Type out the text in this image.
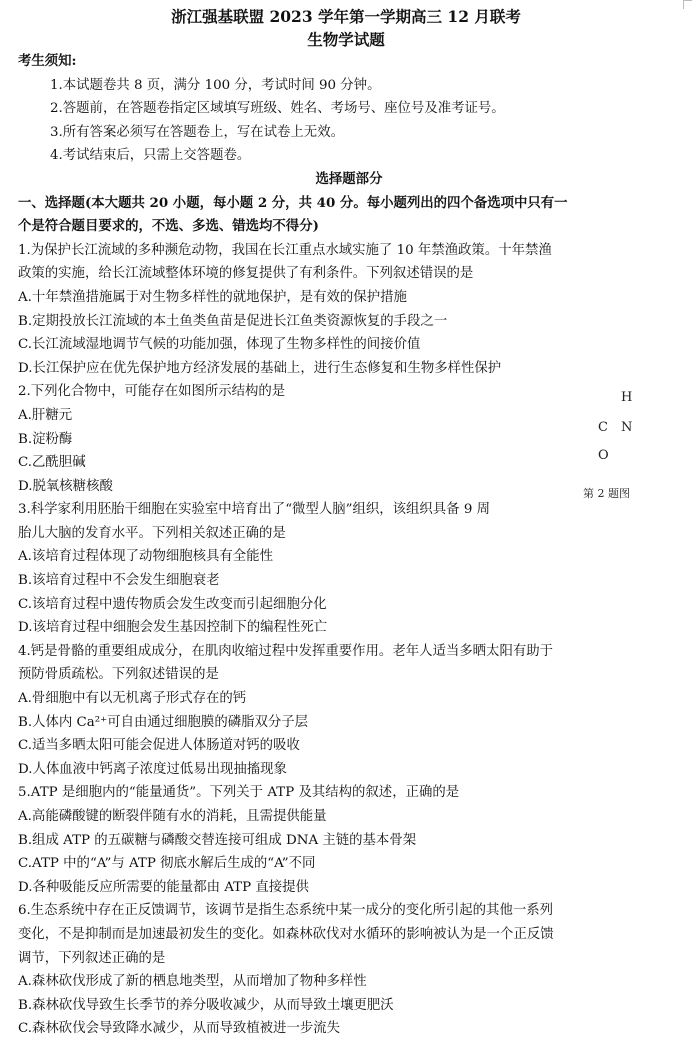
浙江强基联盟 2023 学年第一学期高三 12 月联考
生物学试题
考生须知:
1.本试题卷共 8 页，满分 100 分，考试时间 90 分钟。
2.答题前，在答题卷指定区域填写班级、姓名、考场号、座位号及准考证号。
3.所有答案必须写在答题卷上，写在试卷上无效。
4.考试结束后，只需上交答题卷。
选择题部分
一、选择题(本大题共 20 小题，每小题 2 分，共 40 分。每小题列出的四个备选项中只有一
个是符合题目要求的，不选、多选、错选均不得分)
1.为保护长江流域的多种濒危动物，我国在长江重点水域实施了 10 年禁渔政策。十年禁渔
政策的实施，给长江流域整体环境的修复提供了有利条件。下列叙述错误的是
A.十年禁渔措施属于对生物多样性的就地保护，是有效的保护措施
B.定期投放长江流域的本土鱼类鱼苗是促进长江鱼类资源恢复的手段之一
C.长江流域湿地调节气候的功能加强，体现了生物多样性的间接价值
D.长江保护应在优先保护地方经济发展的基础上，进行生态修复和生物多样性保护
2.下列化合物中，可能存在如图所示结构的是
A.肝糖元
B.淀粉酶
C.乙酰胆碱
D.脱氧核糖核酸
3.科学家利用胚胎干细胞在实验室中培育出了“微型人脑”组织，该组织具备 9 周
胎儿大脑的发育水平。下列相关叙述正确的是
A.该培育过程体现了动物细胞核具有全能性
B.该培育过程中不会发生细胞衰老
C.该培育过程中遗传物质会发生改变而引起细胞分化
D.该培育过程中细胞会发生基因控制下的编程性死亡
4.钙是骨骼的重要组成成分，在肌肉收缩过程中发挥重要作用。老年人适当多晒太阳有助于
预防骨质疏松。下列叙述错误的是
A.骨细胞中有以无机离子形式存在的钙
B.人体内 Ca²⁺可自由通过细胞膜的磷脂双分子层
C.适当多晒太阳可能会促进人体肠道对钙的吸收
D.人体血液中钙离子浓度过低易出现抽搐现象
5.ATP 是细胞内的“能量通货”。下列关于 ATP 及其结构的叙述，正确的是
A.高能磷酸键的断裂伴随有水的消耗，且需提供能量
B.组成 ATP 的五碳糖与磷酸交替连接可组成 DNA 主链的基本骨架
C.ATP 中的“A”与 ATP 彻底水解后生成的“A”不同
D.各种吸能反应所需要的能量都由 ATP 直接提供
6.生态系统中存在正反馈调节，该调节是指生态系统中某一成分的变化所引起的其他一系列
变化，不是抑制而是加速最初发生的变化。如森林砍伐对水循环的影响被认为是一个正反馈
调节，下列叙述正确的是
A.森林砍伐形成了新的栖息地类型，从而增加了物种多样性
B.森林砍伐导致生长季节的养分吸收减少，从而导致土壤更肥沃
C.森林砍伐会导致降水减少，从而导致植被进一步流失
H
C N
O
第 2 题图
